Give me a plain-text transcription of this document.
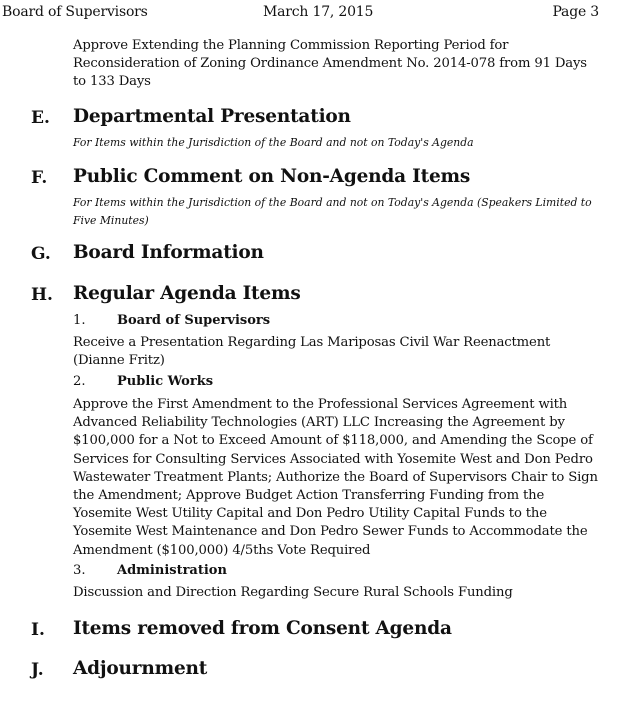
Board of Supervisors	March 17, 2015	Page 3
Approve Extending the Planning Commission Reporting Period for Reconsideration of Zoning Ordinance Amendment No. 2014-078 from 91 Days to 133 Days
E. Departmental Presentation
For Items within the Jurisdiction of the Board and not on Today's Agenda
F. Public Comment on Non-Agenda Items
For Items within the Jurisdiction of the Board and not on Today's Agenda (Speakers Limited to Five Minutes)
G. Board Information
H. Regular Agenda Items
1. Board of Supervisors
Receive a Presentation Regarding Las Mariposas Civil War Reenactment (Dianne Fritz)
2. Public Works
Approve the First Amendment to the Professional Services Agreement with Advanced Reliability Technologies (ART) LLC Increasing the Agreement by $100,000 for a Not to Exceed Amount of $118,000, and Amending the Scope of Services for Consulting Services Associated with Yosemite West and Don Pedro Wastewater Treatment Plants; Authorize the Board of Supervisors Chair to Sign the Amendment; Approve Budget Action Transferring Funding from the Yosemite West Utility Capital and Don Pedro Utility Capital Funds to the Yosemite West Maintenance and Don Pedro Sewer Funds to Accommodate the Amendment ($100,000) 4/5ths Vote Required
3. Administration
Discussion and Direction Regarding Secure Rural Schools Funding
I. Items removed from Consent Agenda
J. Adjournment
